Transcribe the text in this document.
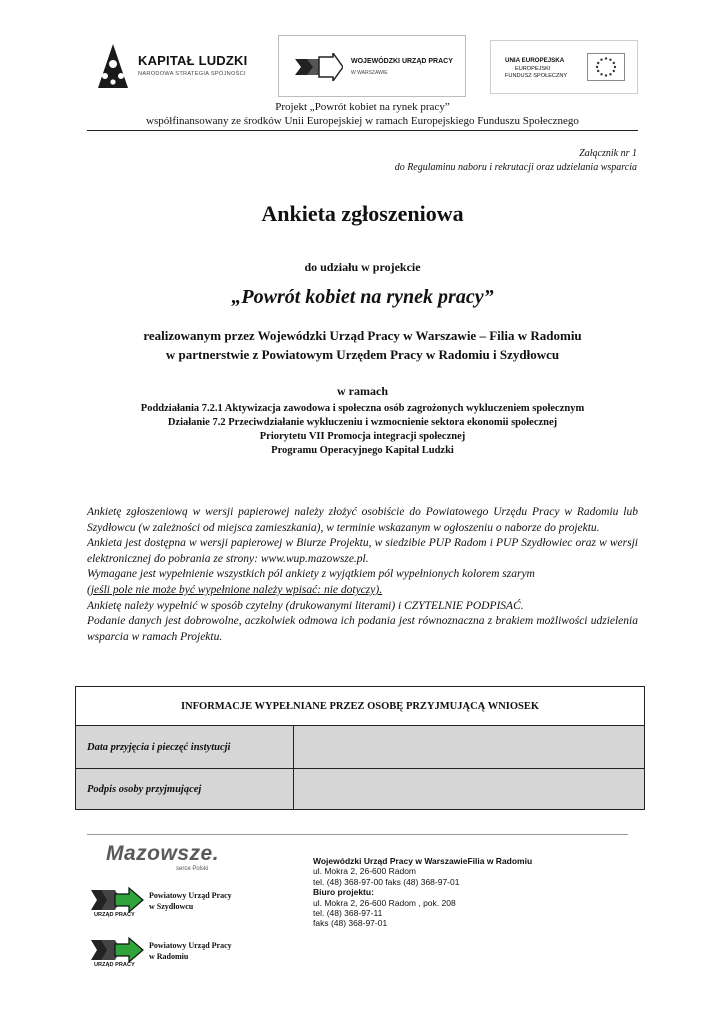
KAPITAŁ LUDZKI
NARODOWA STRATEGIA SPÓJNOŚCI
WOJEWÓDZKI URZĄD PRACY
W WARSZAWIE
UNIA EUROPEJSKA
EUROPEJSKI
FUNDUSZ SPOŁECZNY
Projekt „Powrót kobiet na rynek pracy”
współfinansowany ze środków Unii Europejskiej w ramach Europejskiego Funduszu Społecznego
Załącznik nr 1
do Regulaminu naboru i rekrutacji oraz udzielania wsparcia
Ankieta zgłoszeniowa
do udziału w projekcie
„Powrót kobiet na rynek pracy”
realizowanym przez Wojewódzki Urząd Pracy w Warszawie – Filia w Radomiu
w partnerstwie z Powiatowym Urzędem Pracy w Radomiu i Szydłowcu
w ramach
Poddziałania 7.2.1 Aktywizacja zawodowa i społeczna osób zagrożonych wykluczeniem społecznym
Działanie 7.2 Przeciwdziałanie wykluczeniu i wzmocnienie sektora ekonomii społecznej
Priorytetu VII Promocja integracji społecznej
Programu Operacyjnego Kapitał Ludzki

Ankietę zgłoszeniową w wersji papierowej należy złożyć osobiście do Powiatowego Urzędu Pracy w Radomiu lub Szydłowcu (w zależności od miejsca zamieszkania), w terminie wskazanym w ogłoszeniu o naborze do projektu.

Ankieta jest dostępna w wersji papierowej w Biurze Projektu, w siedzibie PUP Radom i PUP Szydłowiec oraz w wersji elektronicznej do pobrania ze strony: www.wup.mazowsze.pl.

Wymagane jest wypełnienie wszystkich pól ankiety z wyjątkiem pól wypełnionych kolorem szarym

(jeśli pole nie może być wypełnione należy wpisać: nie dotyczy).

Ankietę należy wypełnić w sposób czytelny (drukowanymi literami) i CZYTELNIE PODPISAĆ.

Podanie danych jest dobrowolne, aczkolwiek odmowa ich podania jest równoznaczna z brakiem możliwości udzielenia wsparcia w ramach Projektu.

INFORMACJE WYPEŁNIANE PRZEZ OSOBĘ PRZYJMUJĄCĄ WNIOSEK
Data przyjęcia i pieczęć instytucji
Podpis osoby przyjmującej
Mazowsze.
serce Polski
URZĄD PRACY
Powiatowy Urząd Pracy
w Szydłowcu
URZĄD PRACY
Powiatowy Urząd Pracy
w Radomiu
Wojewódzki Urząd Pracy w WarszawieFilia w Radomiu
ul. Mokra 2, 26-600 Radom
tel. (48) 368-97-00 faks (48) 368-97-01
Biuro projektu:
ul. Mokra 2, 26-600 Radom , pok. 208
tel. (48) 368-97-11
faks (48) 368-97-01
